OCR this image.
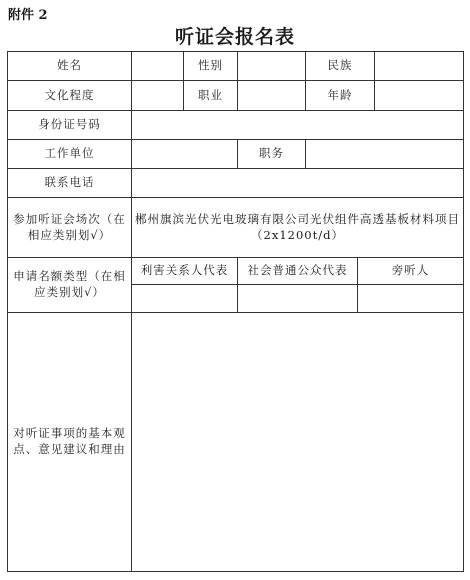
附件 2
听证会报名表
姓名		性别		民族		
文化程度		职业		年龄		
身份证号码						
工作单位			职务			
联系电话						
参加听证会场次（在相应类别划√）	郴州旗滨光伏光电玻璃有限公司光伏组件高透基板材料项目（2x1200t/d）					
申请名额类型（在相应类别划√）	利害关系人代表		社会普通公众代表		旁听人	

对听证事项的基本观点、意见建议和理由						
